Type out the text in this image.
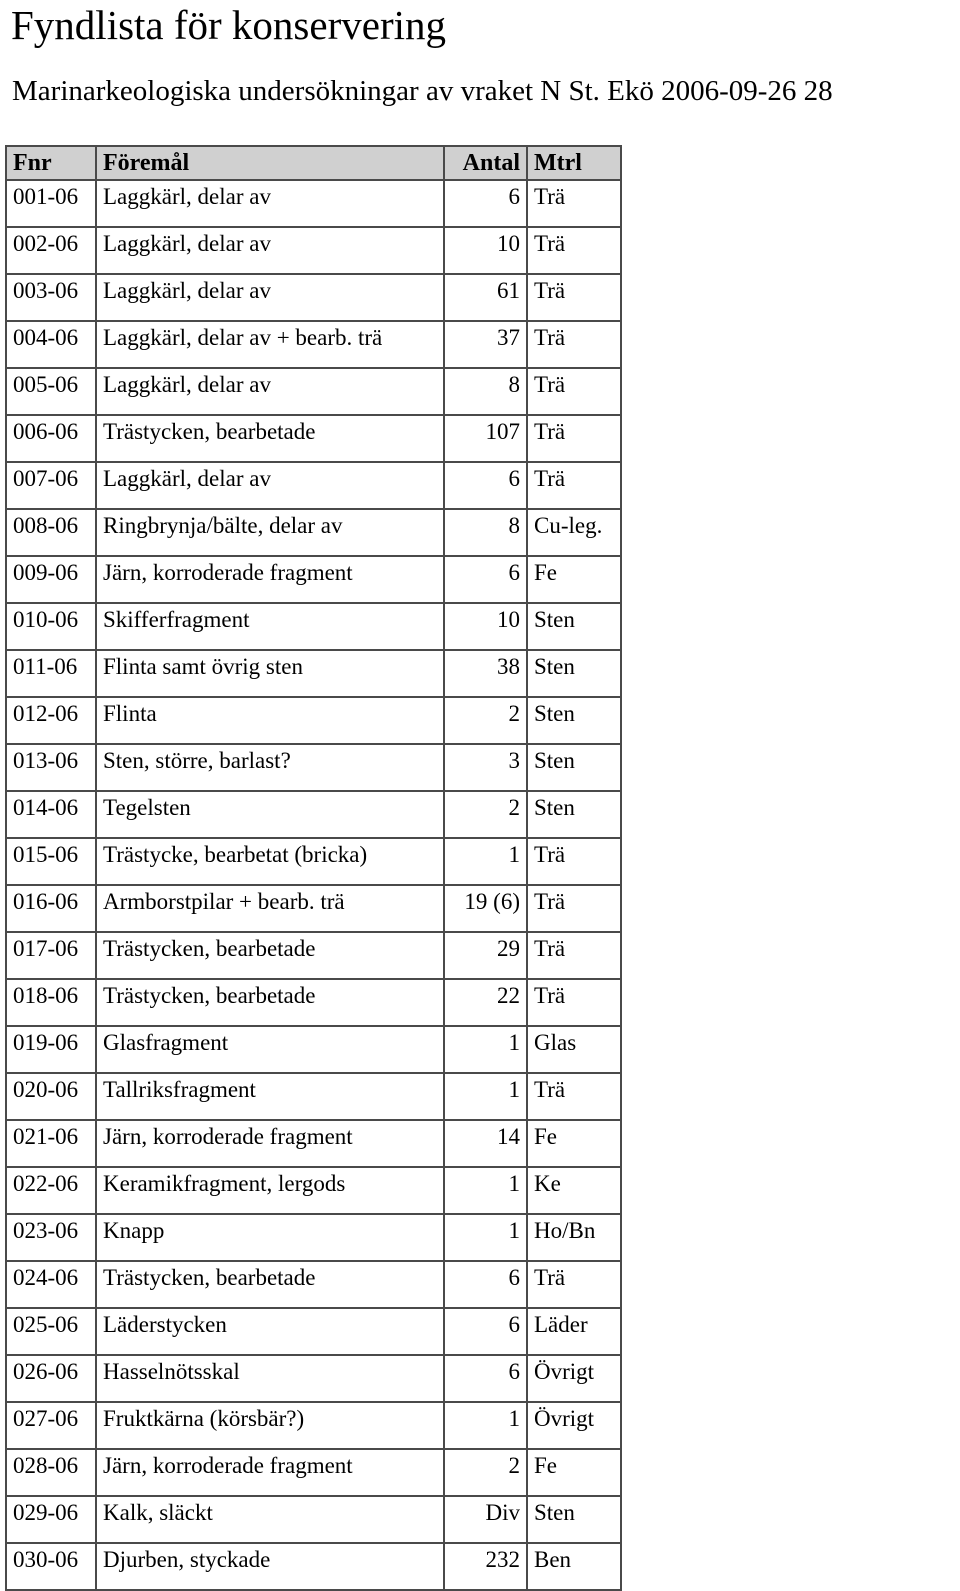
Fyndlista för konservering
Marinarkeologiska undersökningar av vraket N St. Ekö 2006-09-26 28
Fnr	Föremål	Antal	Mtrl
001-06	Laggkärl, delar av	6	Trä
002-06	Laggkärl, delar av	10	Trä
003-06	Laggkärl, delar av	61	Trä
004-06	Laggkärl, delar av + bearb. trä	37	Trä
005-06	Laggkärl, delar av	8	Trä
006-06	Trästycken, bearbetade	107	Trä
007-06	Laggkärl, delar av	6	Trä
008-06	Ringbrynja/bälte, delar av	8	Cu-leg.
009-06	Järn, korroderade fragment	6	Fe
010-06	Skifferfragment	10	Sten
011-06	Flinta samt övrig sten	38	Sten
012-06	Flinta	2	Sten
013-06	Sten, större, barlast?	3	Sten
014-06	Tegelsten	2	Sten
015-06	Trästycke, bearbetat (bricka)	1	Trä
016-06	Armborstpilar + bearb. trä	19 (6)	Trä
017-06	Trästycken, bearbetade	29	Trä
018-06	Trästycken, bearbetade	22	Trä
019-06	Glasfragment	1	Glas
020-06	Tallriksfragment	1	Trä
021-06	Järn, korroderade fragment	14	Fe
022-06	Keramikfragment, lergods	1	Ke
023-06	Knapp	1	Ho/Bn
024-06	Trästycken, bearbetade	6	Trä
025-06	Läderstycken	6	Läder
026-06	Hasselnötsskal	6	Övrigt
027-06	Fruktkärna (körsbär?)	1	Övrigt
028-06	Järn, korroderade fragment	2	Fe
029-06	Kalk, släckt	Div	Sten
030-06	Djurben, styckade	232	Ben
